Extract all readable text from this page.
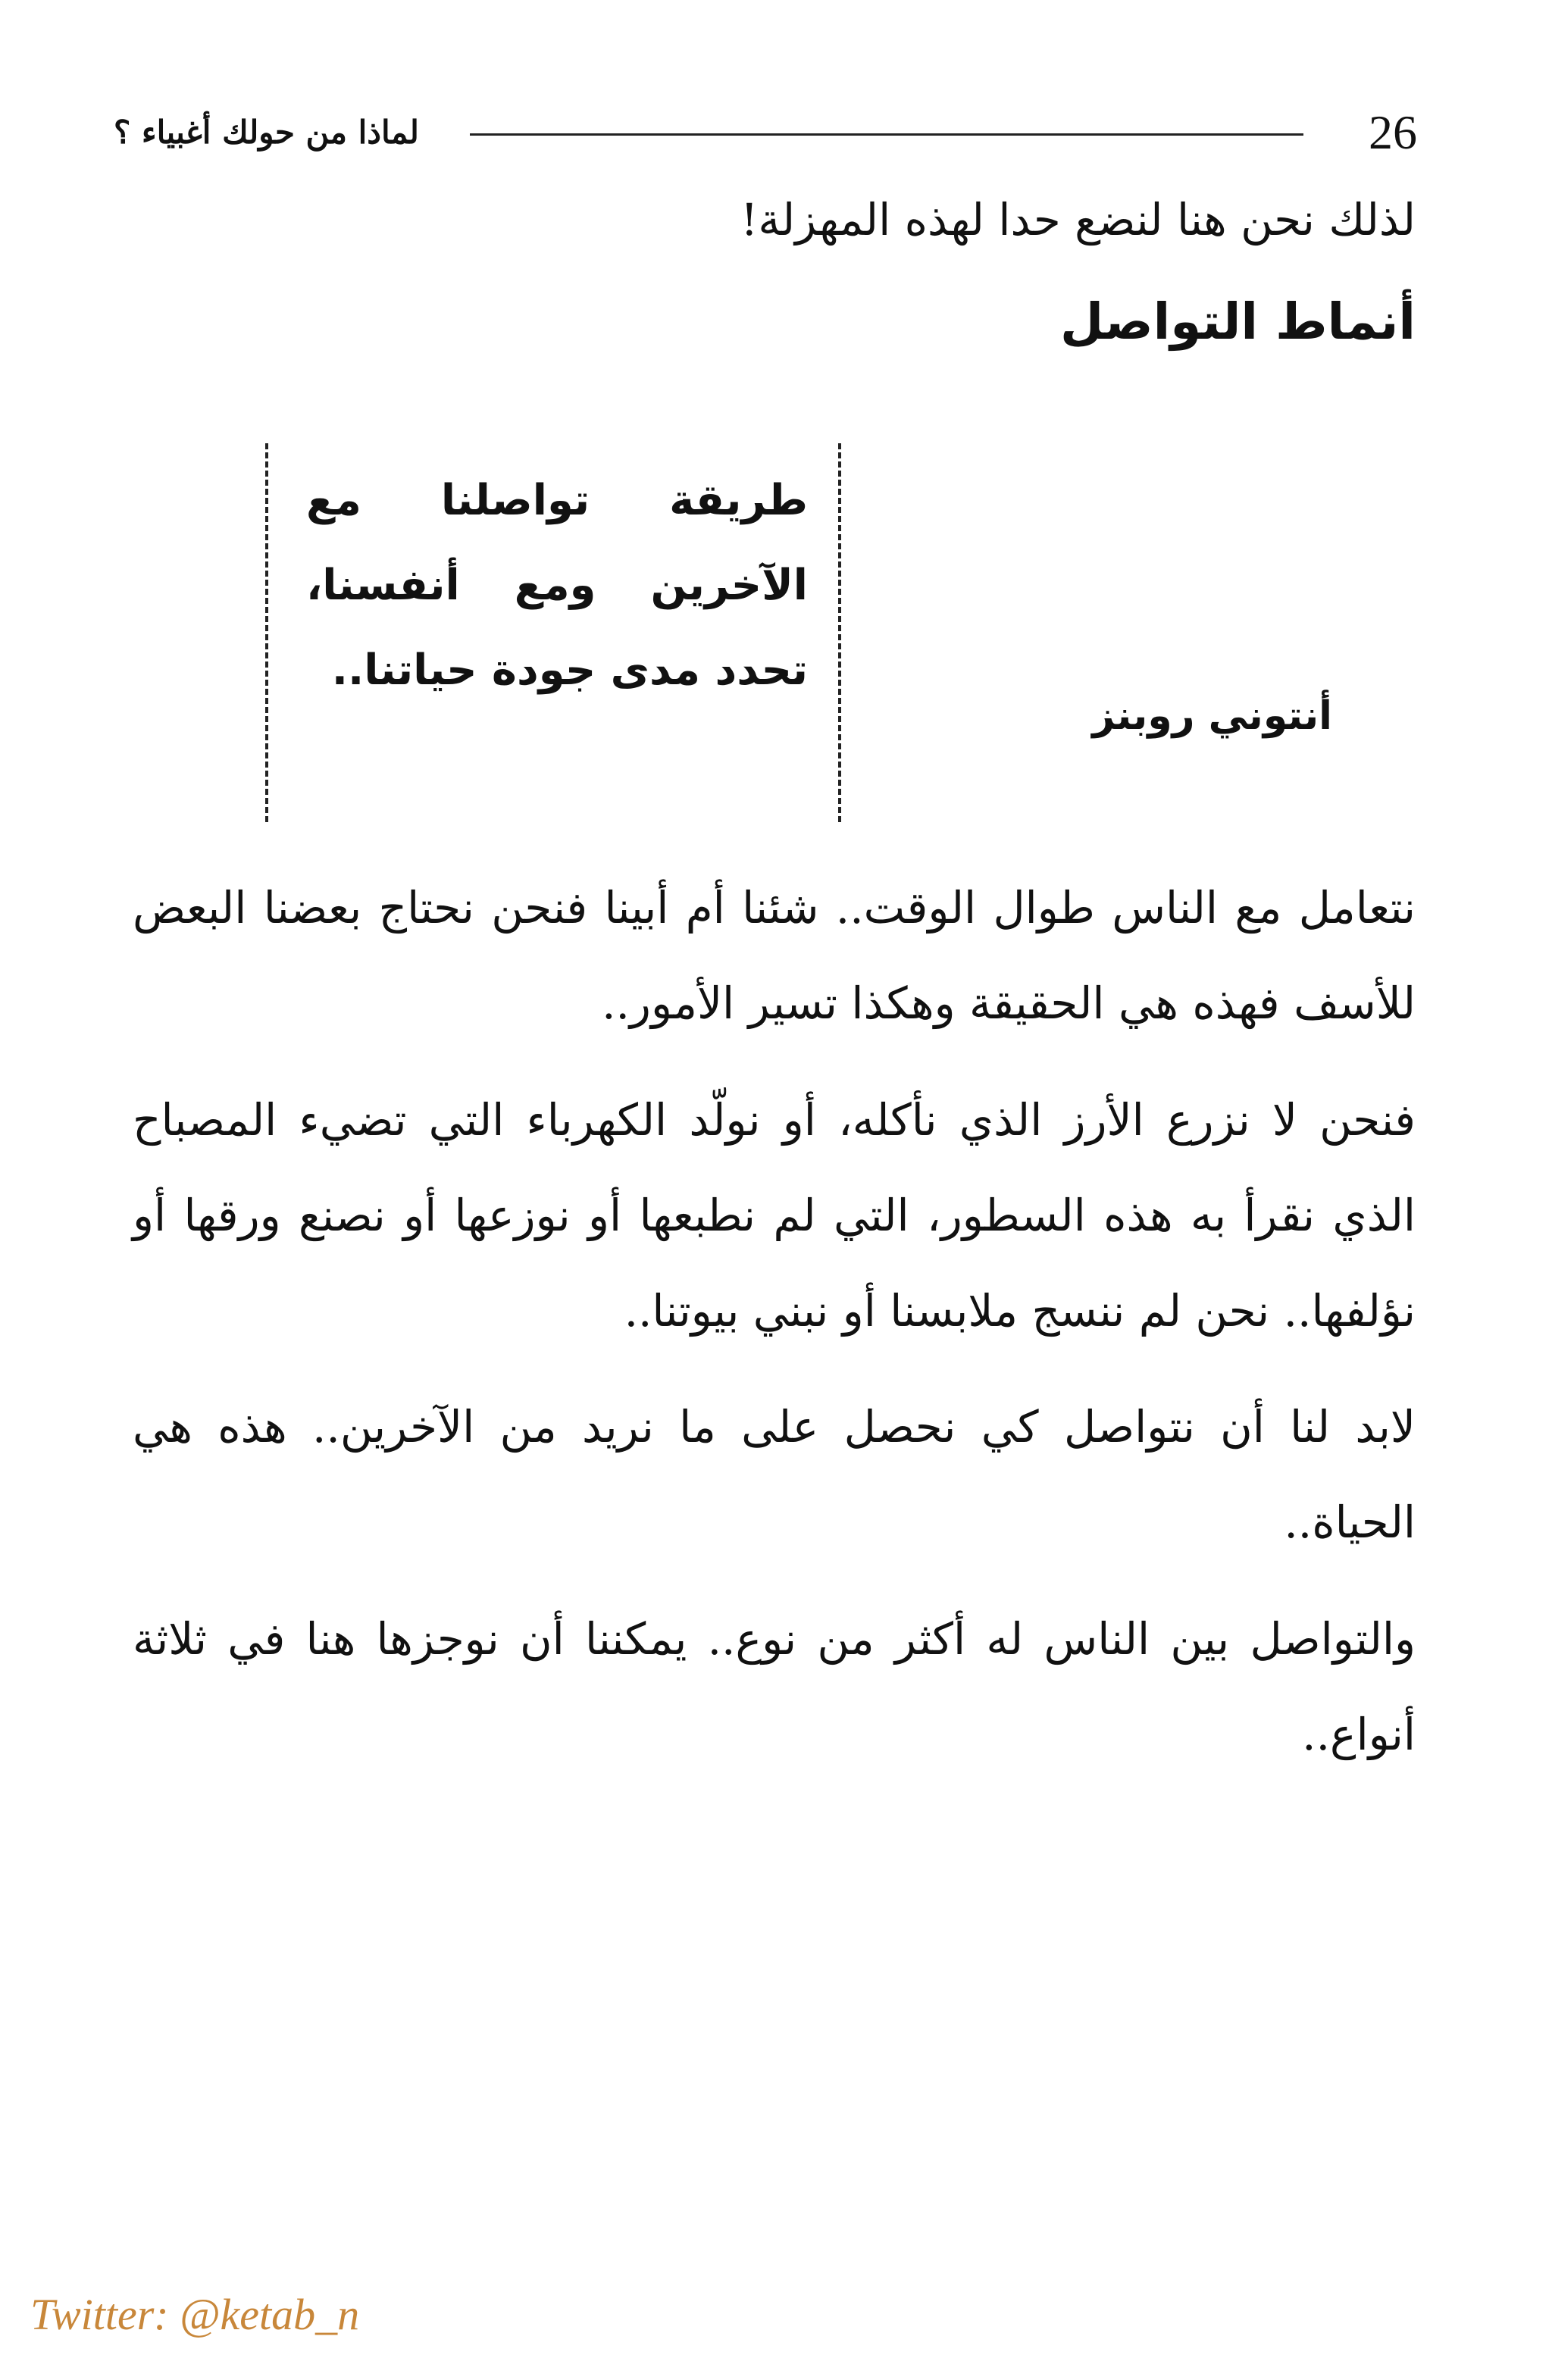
لماذا من حولك أغبياء ؟	26
لذلك نحن هنا لنضع حدا لهذه المهزلة!
أنماط التواصل
طريقة تواصلنا مع الآخرين ومع أنفسنا، تحدد مدى جودة حياتنا..
أنتوني روبنز
نتعامل مع الناس طوال الوقت.. شئنا أم أبينا فنحن نحتاج بعضنا البعض للأسف فهذه هي الحقيقة وهكذا تسير الأمور..
فنحن لا نزرع الأرز الذي نأكله، أو نولّد الكهرباء التي تضيء المصباح الذي نقرأ به هذه السطور، التي لم نطبعها أو نوزعها أو نصنع ورقها أو نؤلفها.. نحن لم ننسج ملابسنا أو نبني بيوتنا..
لابد لنا أن نتواصل كي نحصل على ما نريد من الآخرين.. هذه هي الحياة..
والتواصل بين الناس له أكثر من نوع.. يمكننا أن نوجزها هنا في ثلاثة أنواع..
Twitter: @ketab_n
